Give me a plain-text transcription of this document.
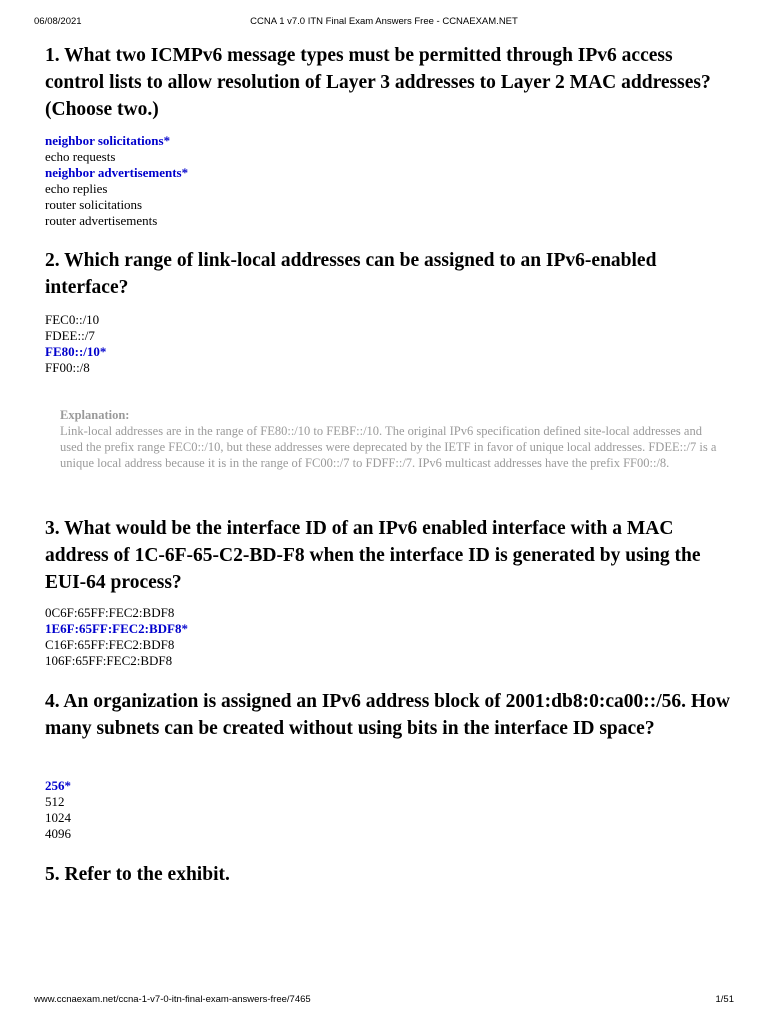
06/08/2021	CCNA 1 v7.0 ITN Final Exam Answers Free - CCNAEXAM.NET
1. What two ICMPv6 message types must be permitted through IPv6 access control lists to allow resolution of Layer 3 addresses to Layer 2 MAC addresses? (Choose two.)
neighbor solicitations*
echo requests
neighbor advertisements*
echo replies
router solicitations
router advertisements
2. Which range of link-local addresses can be assigned to an IPv6-enabled interface?
FEC0::/10
FDEE::/7
FE80::/10*
FF00::/8
Explanation:
Link-local addresses are in the range of FE80::/10 to FEBF::/10. The original IPv6 specification defined site-local addresses and used the prefix range FEC0::/10, but these addresses were deprecated by the IETF in favor of unique local addresses. FDEE::/7 is a unique local address because it is in the range of FC00::/7 to FDFF::/7. IPv6 multicast addresses have the prefix FF00::/8.
3. What would be the interface ID of an IPv6 enabled interface with a MAC address of 1C-6F-65-C2-BD-F8 when the interface ID is generated by using the EUI-64 process?
0C6F:65FF:FEC2:BDF8
1E6F:65FF:FEC2:BDF8*
C16F:65FF:FEC2:BDF8
106F:65FF:FEC2:BDF8
4. An organization is assigned an IPv6 address block of 2001:db8:0:ca00::/56. How many subnets can be created without using bits in the interface ID space?
256*
512
1024
4096
5. Refer to the exhibit.
www.ccnaexam.net/ccna-1-v7-0-itn-final-exam-answers-free/7465	1/51
